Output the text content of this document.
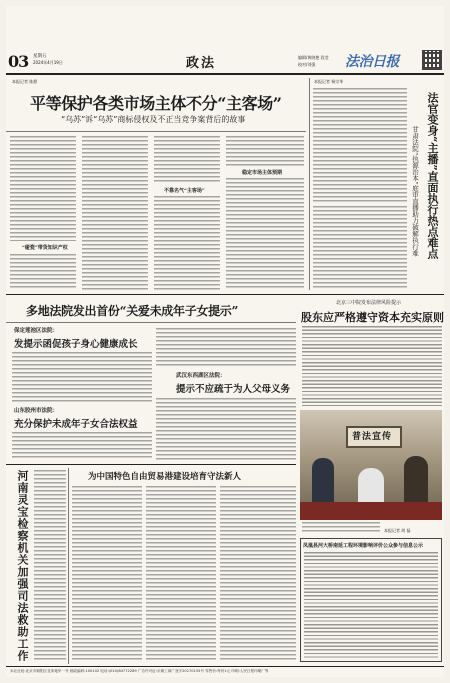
03 星期五
2024年4月19日	政法	编辑/黄晓艳 段莹
校对/刘强 法治日报
平等保护各类市场主体不分“主客场”
“乌苏”诉“乌苏”商标侵权及不正当竞争案背后的故事
本报记者 陈甜
“碰瓷”带货知识产权
不靠名气“主客场”
稳定市场主体预期
本报记者 杨宗华
法官变身“主播”直面执行热点难点
甘肃法院“执源治本”庭审直播助力破解执行难
北京三中院发布法律风险提示
股东应严格遵守资本充实原则
多地法院发出首份“关爱未成年子女提示”
保定莲池区法院：
发提示函促孩子身心健康成长
山东胶州市法院：
充分保护未成年子女合法权益
武汉东西湖区法院：
提示不应疏于为人父母义务
普法宣传
本报记者 胡 磊
河南灵宝检察机关加强司法救助工作	为中国特色自由贸易港建设培育守法新人
凤凰县河大桥南延工程环境影响评价公众参与信息公示
本社社址:北京市朝阳区花家地甲一号 邮政编码:100102 电话:(010)84772289 广告许可证:京朝工商广登字20170155号 零售价:每份1元 印刷:人民日报印刷厂等
